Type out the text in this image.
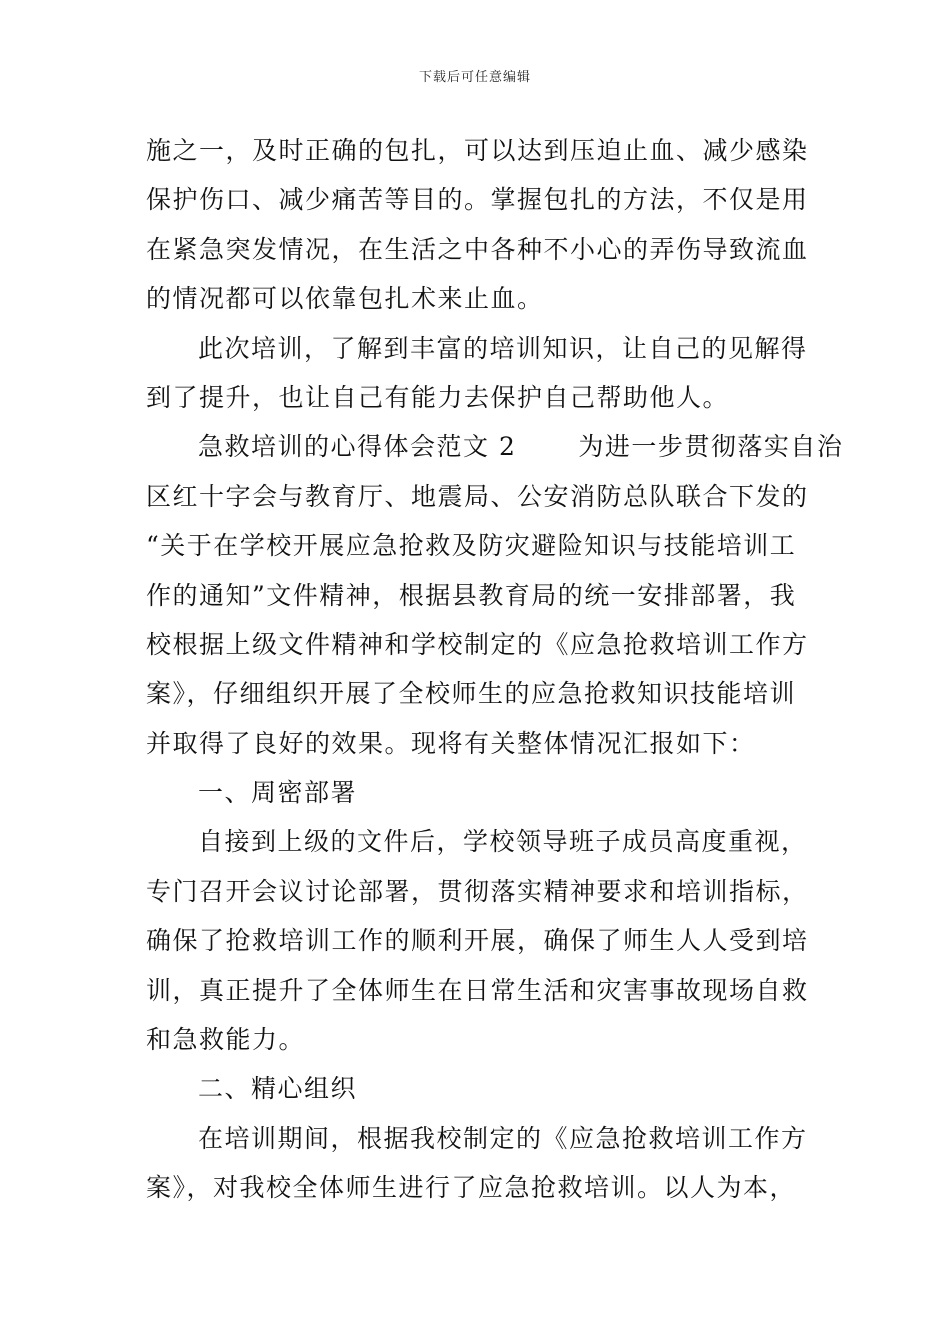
下载后可任意编辑
施之一，及时正确的包扎，可以达到压迫止血、减少感染
保护伤口、减少痛苦等目的。掌握包扎的方法，不仅是用
在紧急突发情况，在生活之中各种不小心的弄伤导致流血
的情况都可以依靠包扎术来止血。
此次培训，了解到丰富的培训知识，让自己的见解得
到了提升，也让自己有能力去保护自己帮助他人。
急救培训的心得体会范文 2 为进一步贯彻落实自治
区红十字会与教育厅、地震局、公安消防总队联合下发的
“关于在学校开展应急抢救及防灾避险知识与技能培训工
作的通知”文件精神，根据县教育局的统一安排部署，我
校根据上级文件精神和学校制定的《应急抢救培训工作方
案》，仔细组织开展了全校师生的应急抢救知识技能培训
并取得了良好的效果。现将有关整体情况汇报如下：
一、周密部署
自接到上级的文件后，学校领导班子成员高度重视，
专门召开会议讨论部署，贯彻落实精神要求和培训指标，
确保了抢救培训工作的顺利开展，确保了师生人人受到培
训，真正提升了全体师生在日常生活和灾害事故现场自救
和急救能力。
二、精心组织
在培训期间，根据我校制定的《应急抢救培训工作方
案》，对我校全体师生进行了应急抢救培训。以人为本，
